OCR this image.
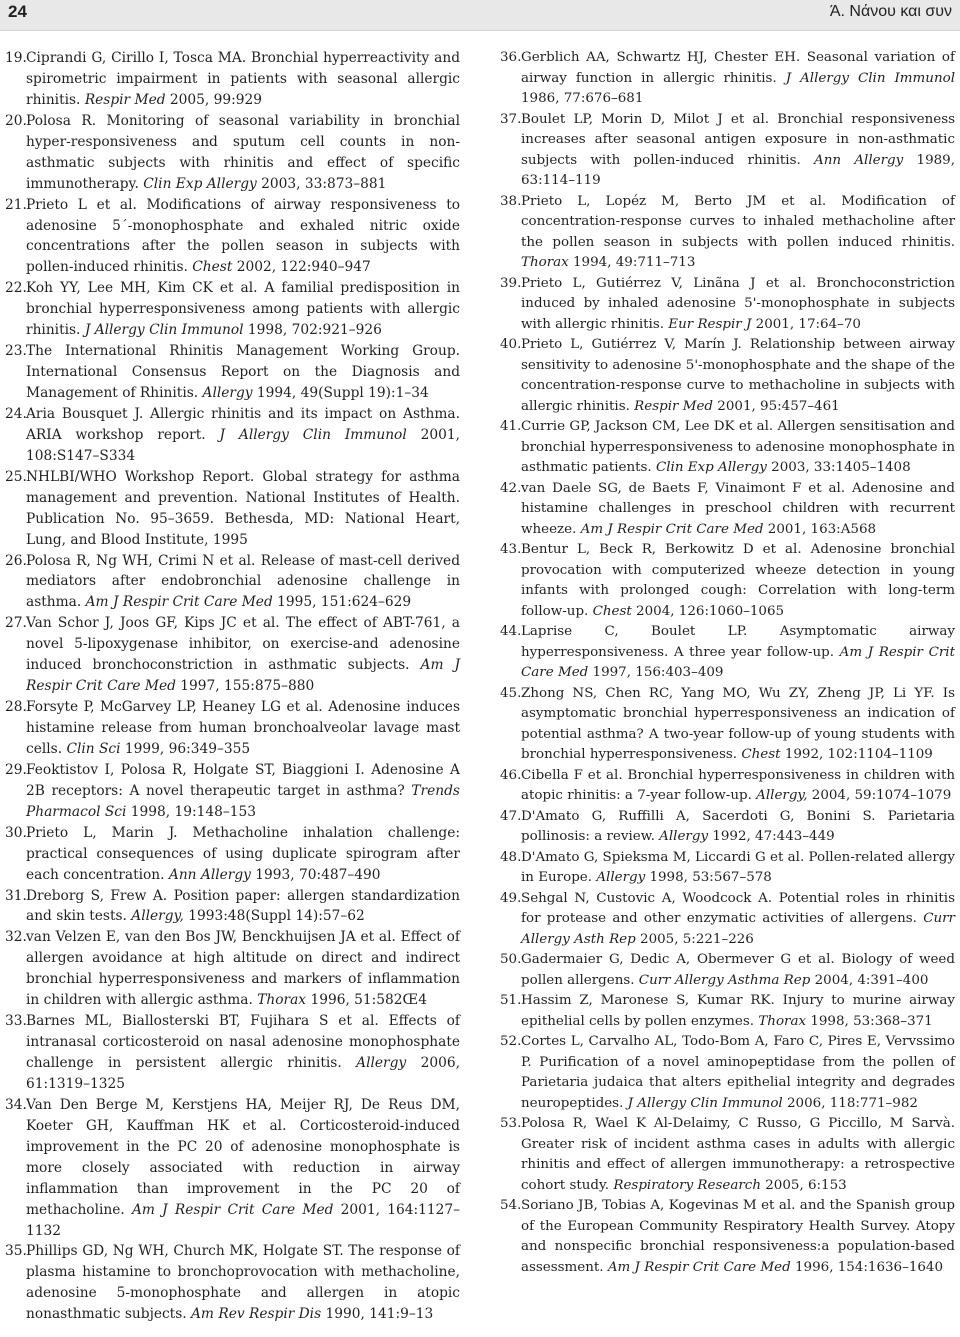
24	Ά. Νάνου και συν

19. Ciprandi G, Cirillo I, Tosca MA. Bronchial hyperreactivity and spirometric impairment in patients with seasonal allergic rhinitis. Respir Med 2005, 99:929

20. Polosa R. Monitoring of seasonal variability in bronchial hyper-responsiveness and sputum cell counts in non-asthmatic subjects with rhinitis and effect of specific immunotherapy. Clin Exp Allergy 2003, 33:873–881

21. Prieto L et al. Modifications of airway responsiveness to adenosine 5΄-monophosphate and exhaled nitric oxide concentrations after the pollen season in subjects with pollen-induced rhinitis. Chest 2002, 122:940–947

22. Koh YY, Lee MH, Kim CK et al. A familial predisposition in bronchial hyperresponsiveness among patients with allergic rhinitis. J Allergy Clin Immunol 1998, 702:921–926

23. The International Rhinitis Management Working Group. International Consensus Report on the Diagnosis and Management of Rhinitis. Allergy 1994, 49(Suppl 19):1–34

24. Aria Bousquet J. Allergic rhinitis and its impact on Asthma. ARIA workshop report. J Allergy Clin Immunol 2001, 108:S147–S334

25. NHLBI/WHO Workshop Report. Global strategy for asthma management and prevention. National Institutes of Health. Publication No. 95–3659. Bethesda, MD: National Heart, Lung, and Blood Institute, 1995

26. Polosa R, Ng WH, Crimi N et al. Release of mast-cell derived mediators after endobronchial adenosine challenge in asthma. Am J Respir Crit Care Med 1995, 151:624–629

27. Van Schor J, Joos GF, Kips JC et al. The effect of ABT-761, a novel 5-lipoxygenase inhibitor, on exercise-and adenosine induced bronchoconstriction in asthmatic subjects. Am J Respir Crit Care Med 1997, 155:875–880

28. Forsyte P, McGarvey LP, Heaney LG et al. Adenosine induces histamine release from human bronchoalveolar lavage mast cells. Clin Sci 1999, 96:349–355

29. Feoktistov I, Polosa R, Holgate ST, Biaggioni I. Adenosine A 2B receptors: A novel therapeutic target in asthma? Trends Pharmacol Sci 1998, 19:148–153

30. Prieto L, Marin J. Methacholine inhalation challenge: practical consequences of using duplicate spirogram after each concentration. Ann Allergy 1993, 70:487–490

31. Dreborg S, Frew A. Position paper: allergen standardization and skin tests. Allergy, 1993:48(Suppl 14):57–62

32. van Velzen E, van den Bos JW, Benckhuijsen JA et al. Effect of allergen avoidance at high altitude on direct and indirect bronchial hyperresponsiveness and markers of inflammation in children with allergic asthma. Thorax 1996, 51:582Œ4

33. Barnes ML, Biallosterski BT, Fujihara S et al. Effects of intranasal corticosteroid on nasal adenosine monophosphate challenge in persistent allergic rhinitis. Allergy 2006, 61:1319–1325

34. Van Den Berge M, Kerstjens HA, Meijer RJ, De Reus DM, Koeter GH, Kauffman HK et al. Corticosteroid-induced improvement in the PC 20 of adenosine monophosphate is more closely associated with reduction in airway inflammation than improvement in the PC 20 of methacholine. Am J Respir Crit Care Med 2001, 164:1127–1132

35. Phillips GD, Ng WH, Church MK, Holgate ST. The response of plasma histamine to bronchoprovocation with methacholine, adenosine 5-monophosphate and allergen in atopic nonasthmatic subjects. Am Rev Respir Dis 1990, 141:9–13

36. Gerblich AA, Schwartz HJ, Chester EH. Seasonal variation of airway function in allergic rhinitis. J Allergy Clin Immunol 1986, 77:676–681

37. Boulet LP, Morin D, Milot J et al. Bronchial responsiveness increases after seasonal antigen exposure in non-asthmatic subjects with pollen-induced rhinitis. Ann Allergy 1989, 63:114–119

38. Prieto L, Lopéz M, Berto JM et al. Modification of concentration-response curves to inhaled methacholine after the pollen season in subjects with pollen induced rhinitis. Thorax 1994, 49:711–713

39. Prieto L, Gutiérrez V, Linãna J et al. Bronchoconstriction induced by inhaled adenosine 5'-monophosphate in subjects with allergic rhinitis. Eur Respir J 2001, 17:64–70

40. Prieto L, Gutiérrez V, Marín J. Relationship between airway sensitivity to adenosine 5'-monophosphate and the shape of the concentration-response curve to methacholine in subjects with allergic rhinitis. Respir Med 2001, 95:457–461

41. Currie GP, Jackson CM, Lee DK et al. Allergen sensitisation and bronchial hyperresponsiveness to adenosine monophosphate in asthmatic patients. Clin Exp Allergy 2003, 33:1405–1408

42. van Daele SG, de Baets F, Vinaimont F et al. Adenosine and histamine challenges in preschool children with recurrent wheeze. Am J Respir Crit Care Med 2001, 163:A568

43. Bentur L, Beck R, Berkowitz D et al. Adenosine bronchial provocation with computerized wheeze detection in young infants with prolonged cough: Correlation with long-term follow-up. Chest 2004, 126:1060–1065

44. Laprise C, Boulet LP. Asymptomatic airway hyperresponsiveness. A three year follow-up. Am J Respir Crit Care Med 1997, 156:403–409

45. Zhong NS, Chen RC, Yang MO, Wu ZY, Zheng JP, Li YF. Is asymptomatic bronchial hyperresponsiveness an indication of potential asthma? A two-year follow-up of young students with bronchial hyperresponsiveness. Chest 1992, 102:1104–1109

46. Cibella F et al. Bronchial hyperresponsiveness in children with atopic rhinitis: a 7-year follow-up. Allergy, 2004, 59:1074–1079

47. D'Amato G, Ruffilli A, Sacerdoti G, Bonini S. Parietaria pollinosis: a review. Allergy 1992, 47:443–449

48. D'Amato G, Spieksma M, Liccardi G et al. Pollen-related allergy in Europe. Allergy 1998, 53:567–578

49. Sehgal N, Custovic A, Woodcock A. Potential roles in rhinitis for protease and other enzymatic activities of allergens. Curr Allergy Asth Rep 2005, 5:221–226

50. Gadermaier G, Dedic A, Obermever G et al. Biology of weed pollen allergens. Curr Allergy Asthma Rep 2004, 4:391–400

51. Hassim Z, Maronese S, Kumar RK. Injury to murine airway epithelial cells by pollen enzymes. Thorax 1998, 53:368–371

52. Cortes L, Carvalho AL, Todo-Bom A, Faro C, Pires E, Vervssimo P. Purification of a novel aminopeptidase from the pollen of Parietaria judaica that alters epithelial integrity and degrades neuropeptides. J Allergy Clin Immunol 2006, 118:771–982

53. Polosa R, Wael K Al-Delaimy, C Russo, G Piccillo, M Sarvà. Greater risk of incident asthma cases in adults with allergic rhinitis and effect of allergen immunotherapy: a retrospective cohort study. Respiratory Research 2005, 6:153

54. Soriano JB, Tobias A, Kogevinas M et al. and the Spanish group of the European Community Respiratory Health Survey. Atopy and nonspecific bronchial responsiveness:a population-based assessment. Am J Respir Crit Care Med 1996, 154:1636–1640
